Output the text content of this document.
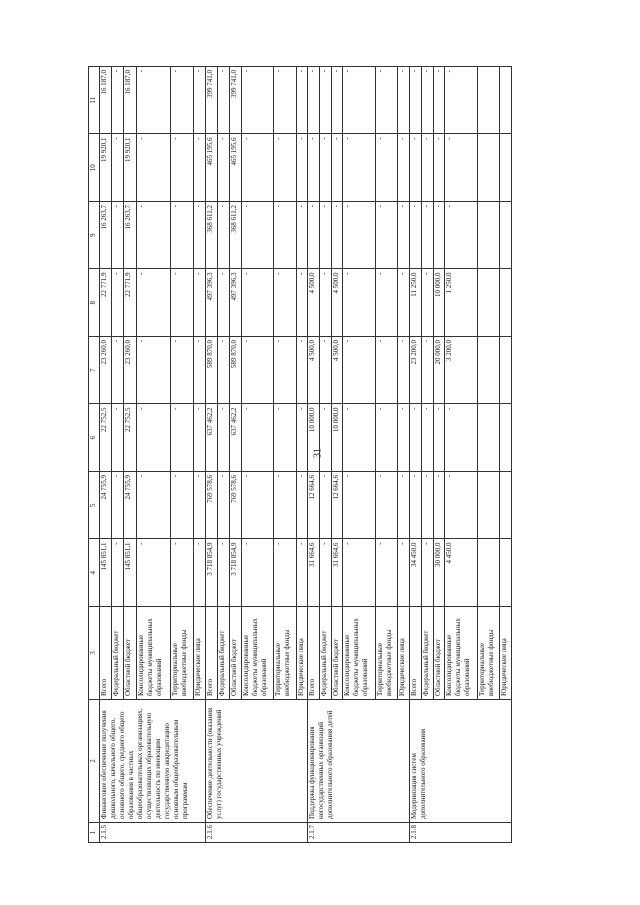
31
1	2	3	4	5	6	7	8	9	10	11
2.1.5	Финансовое обеспечение получения дошкольного, начального общего, основного общего, среднего общего образования в частных общеобразовательных организациях, осуществляющих образовательную деятельность по имеющим государственную аккредитацию основным общеобразовательным программам	Всего	145 851,1	24 755,9	22 752,5	23 260,0	22 771,9	16 263,7	19 920,1	16 187,0
		Федеральный бюджет	-	-	-	-	-	-	-	-
		Областной бюджет	145 851,1	24 755,9	22 752,5	23 260,0	22 771,9	16 263,7	19 920,1	16 187,0
		Консолидированные бюджеты муниципальных образований	-	-	-	-	-	-	-	-
		Территориальные внебюджетные фонды	-	-	-	-	-	-	-	-
		Юридические лица	-	-	-	-	-	-	-	-
2.1.6	Обеспечение деятельности (оказания услуг) государственных учреждений	Всего	3 718 854,9	769 578,6	637 462,2	589 870,0	497 396,3	368 611,2	465 195,6	399 741,0
		Федеральный бюджет	-	-	-	-	-	-	-	-
		Областной бюджет	3 718 854,9	769 578,6	637 462,2	589 870,0	497 396,3	368 611,2	465 195,6	399 741,0
		Консолидированные бюджеты муниципальных образований	-	-	-	-	-	-	-	-
		Территориальные внебюджетные фонды	-	-	-	-	-	-	-	-
		Юридические лица	-	-	-	-	-	-	-	-
2.1.7	Поддержка функционирования негосударственных организаций дополнительного образования детей	Всего	31 664,6	12 664,6	10 000,0	4 500,0	4 500,0	-	-	-
		Федеральный бюджет	-	-	-	-	-	-	-	-
		Областной бюджет	31 664,6	12 664,6	10 000,0	4 500,0	4 500,0	-	-	-
		Консолидированные бюджеты муниципальных образований	-	-	-	-	-	-	-	-
		Территориальные внебюджетные фонды	-	-	-	-	-	-	-	-
		Юридические лица	-	-	-	-	-	-	-	-
2.1.8	Модернизация систем дополнительного образования	Всего	34 450,0	-	-	23 200,0	11 250,0	-	-	-
		Федеральный бюджет	-	-	-	-	-	-	-	-
		Областной бюджет	30 000,0	-	-	20 000,0	10 000,0	-	-	-
		Консолидированные бюджеты муниципальных образований	4 450,0	-	-	3 200,0	1 250,0	-	-	-
		Территориальные внебюджетные фонды								
		Юридические лица								
